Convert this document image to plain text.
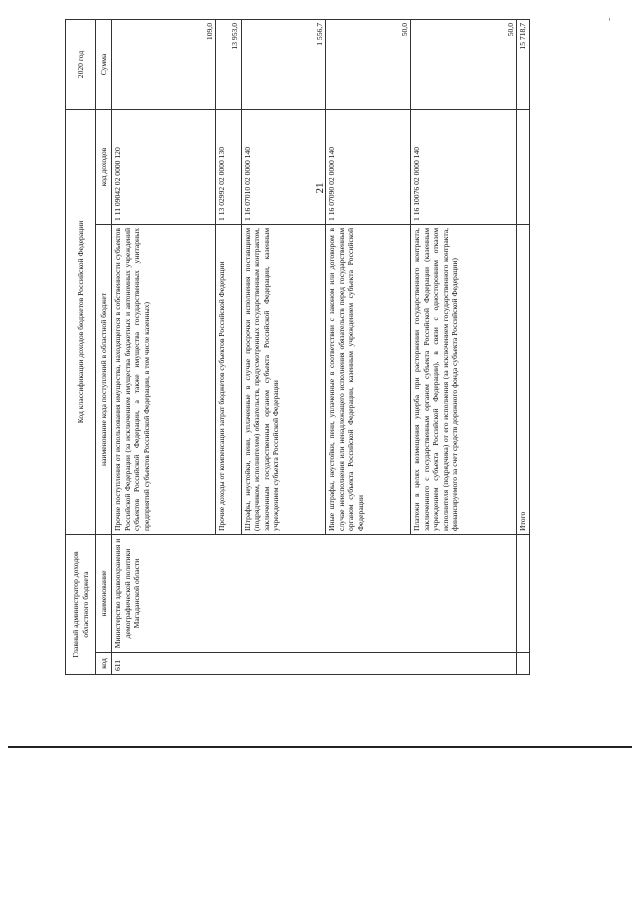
21
-
Главный администратор доходов областного бюджета		Код классификации доходов бюджетов Российской Федерации		2020 год
код	наименование	наименование кода поступлений в областной бюджет	код доходов	Сумма
611	Министерство здравоохранения и демографической политики Магаданской области	Прочие поступления от использования имущества, находящегося в собственности субъектов Российской Федерации (за исключением имущества бюджетных и автономных учреждений субъектов Российской Федерации, а также имущества государственных унитарных предприятий субъектов Российской Федерации, в том числе казенных)	1 11 09042 02 0000 120	109,0
		Прочие доходы от компенсации затрат бюджетов субъектов Российской Федерации	1 13 02992 02 0000 130	13 953,0
		Штрафы, неустойки, пени, уплаченные в случае просрочки исполнения поставщиком (подрядчиком, исполнителем) обязательств, предусмотренных государственным контрактом, заключенным государственным органом субъекта Российской Федерации, казенным учреждением субъекта Российской Федерации	1 16 07010 02 0000 140	1 556,7
		Иные штрафы, неустойки, пени, уплаченные в соответствии с законом или договором в случае неисполнения или ненадлежащего исполнения обязательств перед государственным органом субъекта Российской Федерации, казенным учреждением субъекта Российской Федерации	1 16 07090 02 0000 140	50,0
		Платежи в целях возмещения ущерба при расторжении государственного контракта, заключенного с государственным органом субъекта Российской Федерации (казенным учреждением субъекта Российской Федерации), в связи с односторонним отказом исполнителя (подрядчика) от его исполнения (за исключением государственного контракта, финансируемого за счет средств дорожного фонда субъекта Российской Федерации)	1 16 10076 02 0000 140	50,0
		Итого		15 718,7
